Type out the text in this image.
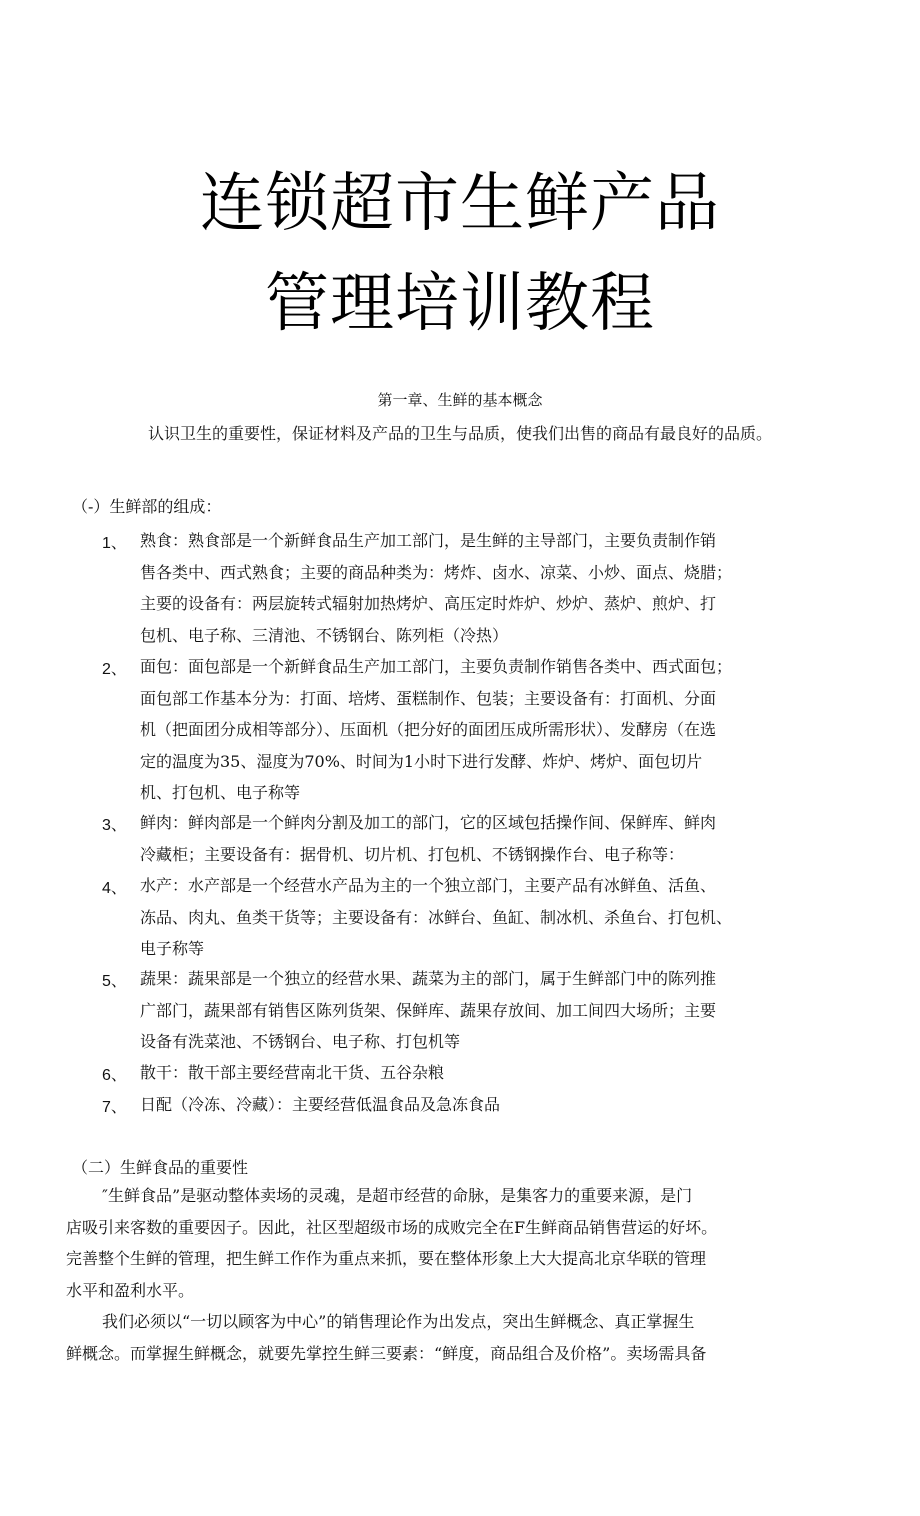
连锁超市生鲜产品
管理培训教程
第一章、生鲜的基本概念
认识卫生的重要性，保证材料及产品的卫生与品质，使我们出售的商品有最良好的品质。
（-）生鲜部的组成：
1、 熟食：熟食部是一个新鲜食品生产加工部门，是生鲜的主导部门，主要负责制作销
售各类中、西式熟食；主要的商品种类为：烤炸、卤水、凉菜、小炒、面点、烧腊；
主要的设备有：两层旋转式辐射加热烤炉、高压定时炸炉、炒炉、蒸炉、煎炉、打
包机、电子称、三清池、不锈钢台、陈列柜（冷热）
2、 面包：面包部是一个新鲜食品生产加工部门，主要负责制作销售各类中、西式面包；
面包部工作基本分为：打面、培烤、蛋糕制作、包装；主要设备有：打面机、分面
机（把面团分成相等部分）、压面机（把分好的面团压成所需形状）、发酵房（在选
定的温度为35、湿度为70%、时间为1小时下进行发酵、炸炉、烤炉、面包切片
机、打包机、电子称等
3、 鲜肉：鲜肉部是一个鲜肉分割及加工的部门，它的区域包括操作间、保鲜库、鲜肉
冷藏柜；主要设备有：据骨机、切片机、打包机、不锈钢操作台、电子称等：
4、 水产：水产部是一个经营水产品为主的一个独立部门，主要产品有冰鲜鱼、活鱼、
冻品、肉丸、鱼类干货等；主要设备有：冰鲜台、鱼缸、制冰机、杀鱼台、打包机、
电子称等
5、 蔬果：蔬果部是一个独立的经营水果、蔬菜为主的部门，属于生鲜部门中的陈列推
广部门，蔬果部有销售区陈列货架、保鲜库、蔬果存放间、加工间四大场所；主要
设备有洗菜池、不锈钢台、电子称、打包机等
6、 散干：散干部主要经营南北干货、五谷杂粮
7、 日配（冷冻、冷藏）：主要经营低温食品及急冻食品
（二）生鲜食品的重要性
″生鲜食品”是驱动整体卖场的灵魂，是超市经营的命脉，是集客力的重要来源，是门
店吸引来客数的重要因子。因此，社区型超级市场的成败完全在F生鲜商品销售营运的好坏。
完善整个生鲜的管理，把生鲜工作作为重点来抓，要在整体形象上大大提高北京华联的管理
水平和盈利水平。
我们必须以“一切以顾客为中心”的销售理论作为出发点，突出生鲜概念、真正掌握生
鲜概念。而掌握生鲜概念，就要先掌控生鲜三要素：“鲜度，商品组合及价格”。卖场需具备
